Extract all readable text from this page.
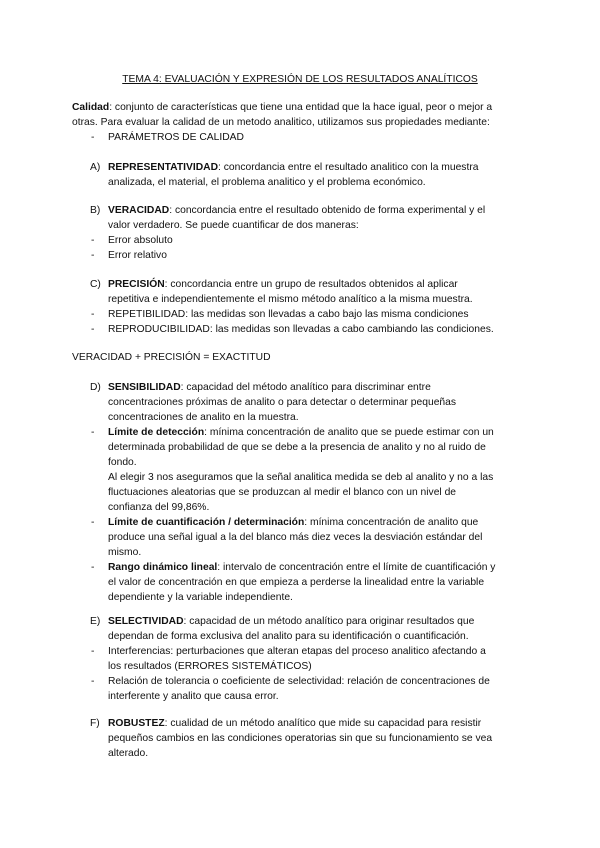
TEMA 4: EVALUACIÓN Y EXPRESIÓN DE LOS RESULTADOS ANALÍTICOS
Calidad: conjunto de características que tiene una entidad que la hace igual, peor o mejor a
otras. Para evaluar la calidad de un metodo analitico, utilizamos sus propiedades mediante:
- PARÁMETROS DE CALIDAD
A) REPRESENTATIVIDAD: concordancia entre el resultado analitico con la muestra
analizada, el material, el problema analitico y el problema económico.
B) VERACIDAD: concordancia entre el resultado obtenido de forma experimental y el
valor verdadero. Se puede cuantificar de dos maneras:
- Error absoluto
- Error relativo
C) PRECISIÓN: concordancia entre un grupo de resultados obtenidos al aplicar
repetitiva e independientemente el mismo método analítico a la misma muestra.
- REPETIBILIDAD: las medidas son llevadas a cabo bajo las misma condiciones
- REPRODUCIBILIDAD: las medidas son llevadas a cabo cambiando las condiciones.
VERACIDAD + PRECISIÓN = EXACTITUD
D) SENSIBILIDAD: capacidad del método analítico para discriminar entre
concentraciones próximas de analito o para detectar o determinar pequeñas
concentraciones de analito en la muestra.
- Límite de detección: mínima concentración de analito que se puede estimar con un
determinada probabilidad de que se debe a la presencia de analito y no al ruido de
fondo.
Al elegir 3 nos aseguramos que la señal analitica medida se deb al analito y no a las
fluctuaciones aleatorias que se produzcan al medir el blanco con un nivel de
confianza del 99,86%.
- Límite de cuantificación / determinación: mínima concentración de analito que
produce una señal igual a la del blanco más diez veces la desviación estándar del
mismo.
- Rango dinámico lineal: intervalo de concentración entre el límite de cuantificación y
el valor de concentración en que empieza a perderse la linealidad entre la variable
dependiente y la variable independiente.
E) SELECTIVIDAD: capacidad de un método analítico para originar resultados que
dependan de forma exclusiva del analito para su identificación o cuantificación.
- Interferencias: perturbaciones que alteran etapas del proceso analitico afectando a
los resultados (ERRORES SISTEMÁTICOS)
- Relación de tolerancia o coeficiente de selectividad: relación de concentraciones de
interferente y analito que causa error.
F) ROBUSTEZ: cualidad de un método analítico que mide su capacidad para resistir
pequeños cambios en las condiciones operatorias sin que su funcionamiento se vea
alterado.
